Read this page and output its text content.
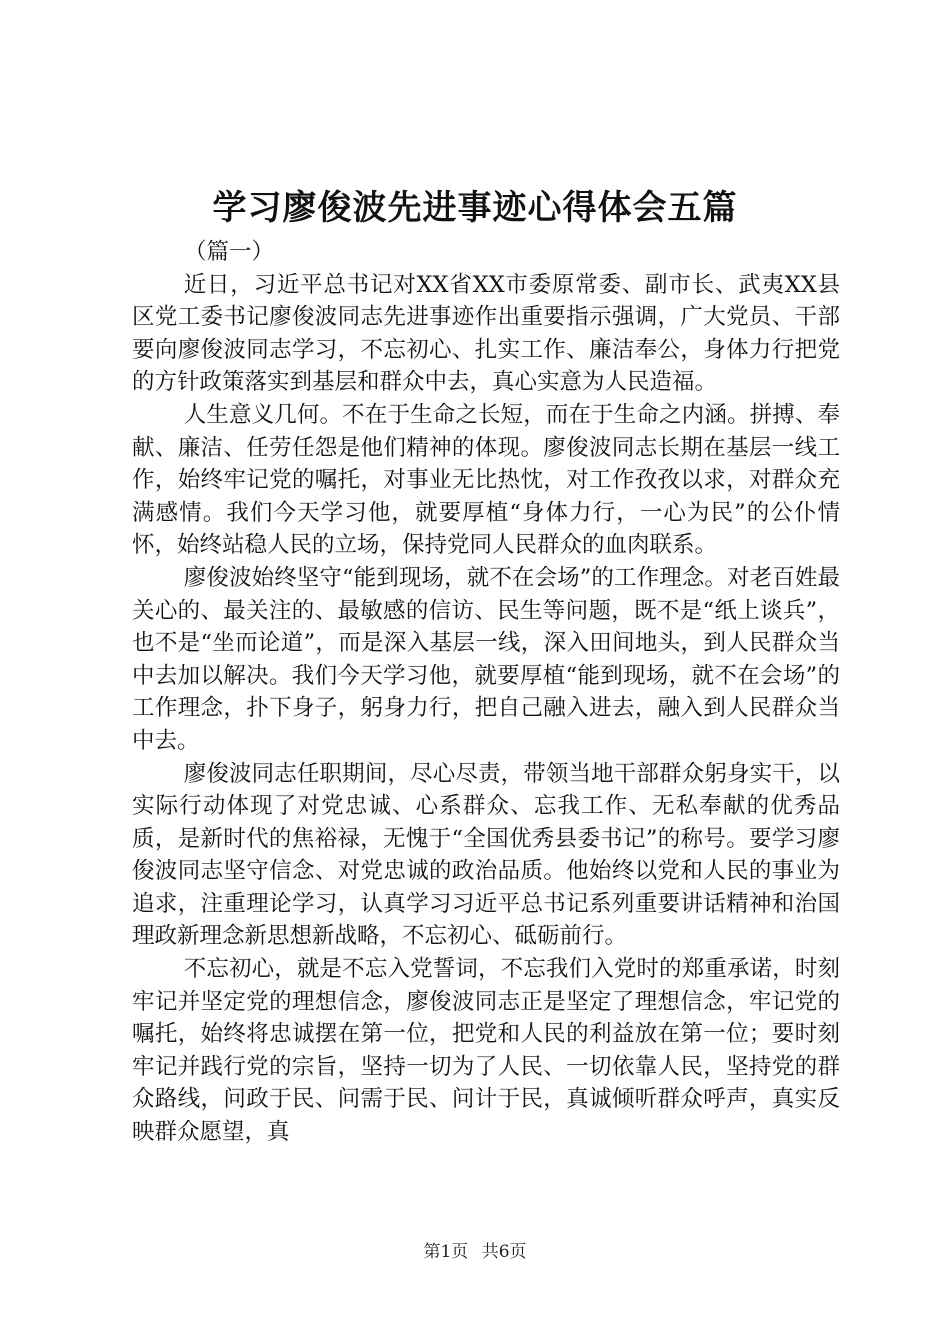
学习廖俊波先进事迹心得体会五篇

（篇一）

近日，习近平总书记对XX省XX市委原常委、副市长、武夷XX县区党工委书记廖俊波同志先进事迹作出重要指示强调，广大党员、干部要向廖俊波同志学习，不忘初心、扎实工作、廉洁奉公，身体力行把党的方针政策落实到基层和群众中去，真心实意为人民造福。

人生意义几何。不在于生命之长短，而在于生命之内涵。拼搏、奉献、廉洁、任劳任怨是他们精神的体现。廖俊波同志长期在基层一线工作，始终牢记党的嘱托，对事业无比热忱，对工作孜孜以求，对群众充满感情。我们今天学习他，就要厚植“身体力行，一心为民”的公仆情怀，始终站稳人民的立场，保持党同人民群众的血肉联系。

廖俊波始终坚守“能到现场，就不在会场”的工作理念。对老百姓最关心的、最关注的、最敏感的信访、民生等问题，既不是“纸上谈兵”，也不是“坐而论道”，而是深入基层一线，深入田间地头，到人民群众当中去加以解决。我们今天学习他，就要厚植“能到现场，就不在会场”的工作理念，扑下身子，躬身力行，把自己融入进去，融入到人民群众当中去。

廖俊波同志任职期间，尽心尽责，带领当地干部群众躬身实干，以实际行动体现了对党忠诚、心系群众、忘我工作、无私奉献的优秀品质，是新时代的焦裕禄，无愧于“全国优秀县委书记”的称号。要学习廖俊波同志坚守信念、对党忠诚的政治品质。他始终以党和人民的事业为追求，注重理论学习，认真学习习近平总书记系列重要讲话精神和治国理政新理念新思想新战略，不忘初心、砥砺前行。

不忘初心，就是不忘入党誓词，不忘我们入党时的郑重承诺，时刻牢记并坚定党的理想信念，廖俊波同志正是坚定了理想信念，牢记党的嘱托，始终将忠诚摆在第一位，把党和人民的利益放在第一位；要时刻牢记并践行党的宗旨，坚持一切为了人民、一切依靠人民，坚持党的群众路线，问政于民、问需于民、问计于民，真诚倾听群众呼声，真实反映群众愿望，真

第1页 共6页
